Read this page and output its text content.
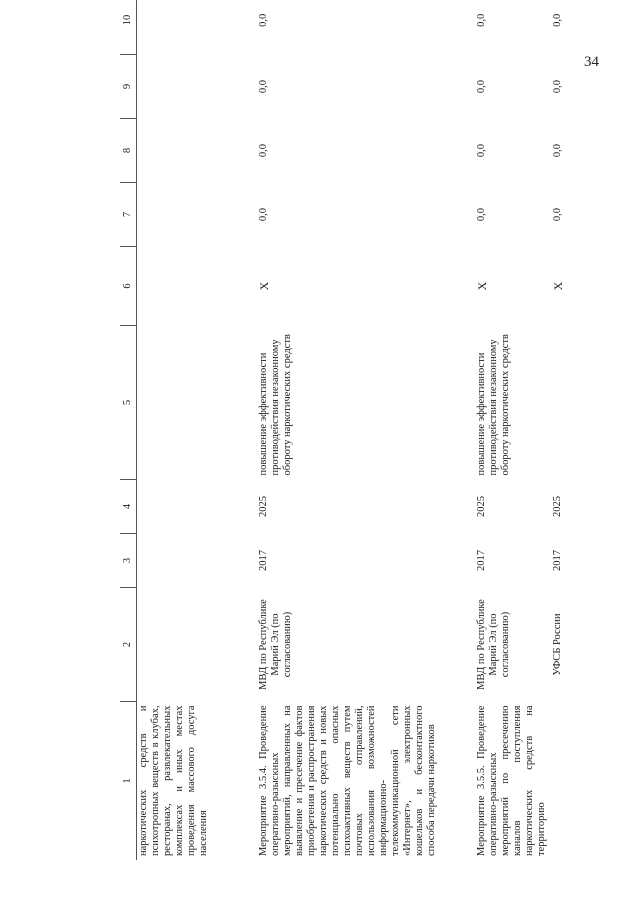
34
1	2	3	4	5	6	7	8	9	10
наркотических средств и психотропных веществ в клубах, ресторанах, развлекательных комплексах и иных местах проведения массового досуга населения									
Мероприятие 3.5.4. Проведение оперативно-разыскных мероприятий, направленных на выявление и пресечение фактов приобретения и распространения наркотических средств и новых потенциально опасных психоактивных веществ путем почтовых отправлений, использования возможностей информационно-телекоммуникационной сети «Интернет», электронных кошельков и бесконтактного способа передачи наркотиков	МВД по Республике Марий Эл (по согласованию)	2017	2025	повышение эффективности противодействия незаконному обороту наркотических средств	Х	0,0	0,0	0,0	0,0
Мероприятие 3.5.5. Проведение оперативно-разыскных мероприятий по пресечению каналов поступления наркотических средств на территорию	МВД по Республике Марий Эл (по согласованию)	2017	2025	повышение эффективности противодействия незаконному обороту наркотических средств	Х	0,0	0,0	0,0	0,0
	УФСБ России	2017	2025		Х	0,0	0,0	0,0	0,0
